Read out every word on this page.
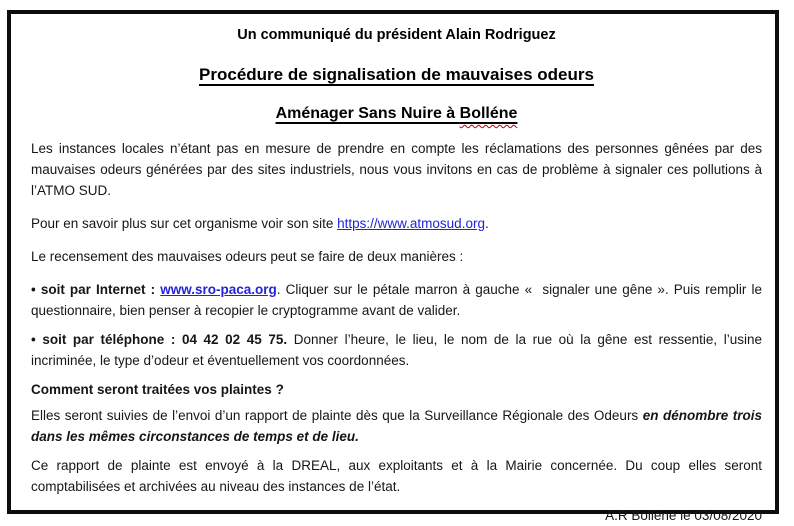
Un communiqué du président Alain Rodriguez
Procédure de signalisation de mauvaises odeurs
Aménager Sans Nuire à Bolléne

Les instances locales n’étant pas en mesure de prendre en compte les réclamations des personnes gênées par des mauvaises odeurs générées par des sites industriels, nous vous invitons en cas de problème à signaler ces pollutions à l’ATMO SUD.

Pour en savoir plus sur cet organisme voir son site https://www.atmosud.org.

Le recensement des mauvaises odeurs peut se faire de deux manières :

• soit par Internet : www.sro-paca.org. Cliquer sur le pétale marron à gauche «  signaler une gêne ». Puis remplir le questionnaire, bien penser à recopier le cryptogramme avant de valider.

• soit par téléphone : 04 42 02 45 75. Donner l’heure, le lieu, le nom de la rue où la gêne est ressentie, l’usine incriminée, le type d’odeur et éventuellement vos coordonnées.

Comment seront traitées vos plaintes ?

Elles seront suivies de l’envoi d’un rapport de plainte dès que la Surveillance Régionale des Odeurs en dénombre trois dans les mêmes circonstances de temps et de lieu.

Ce rapport de plainte est envoyé à la DREAL, aux exploitants et à la Mairie concernée. Du coup elles seront comptabilisées et archivées au niveau des instances de l’état.

A.R Bollène le 03/08/2020
